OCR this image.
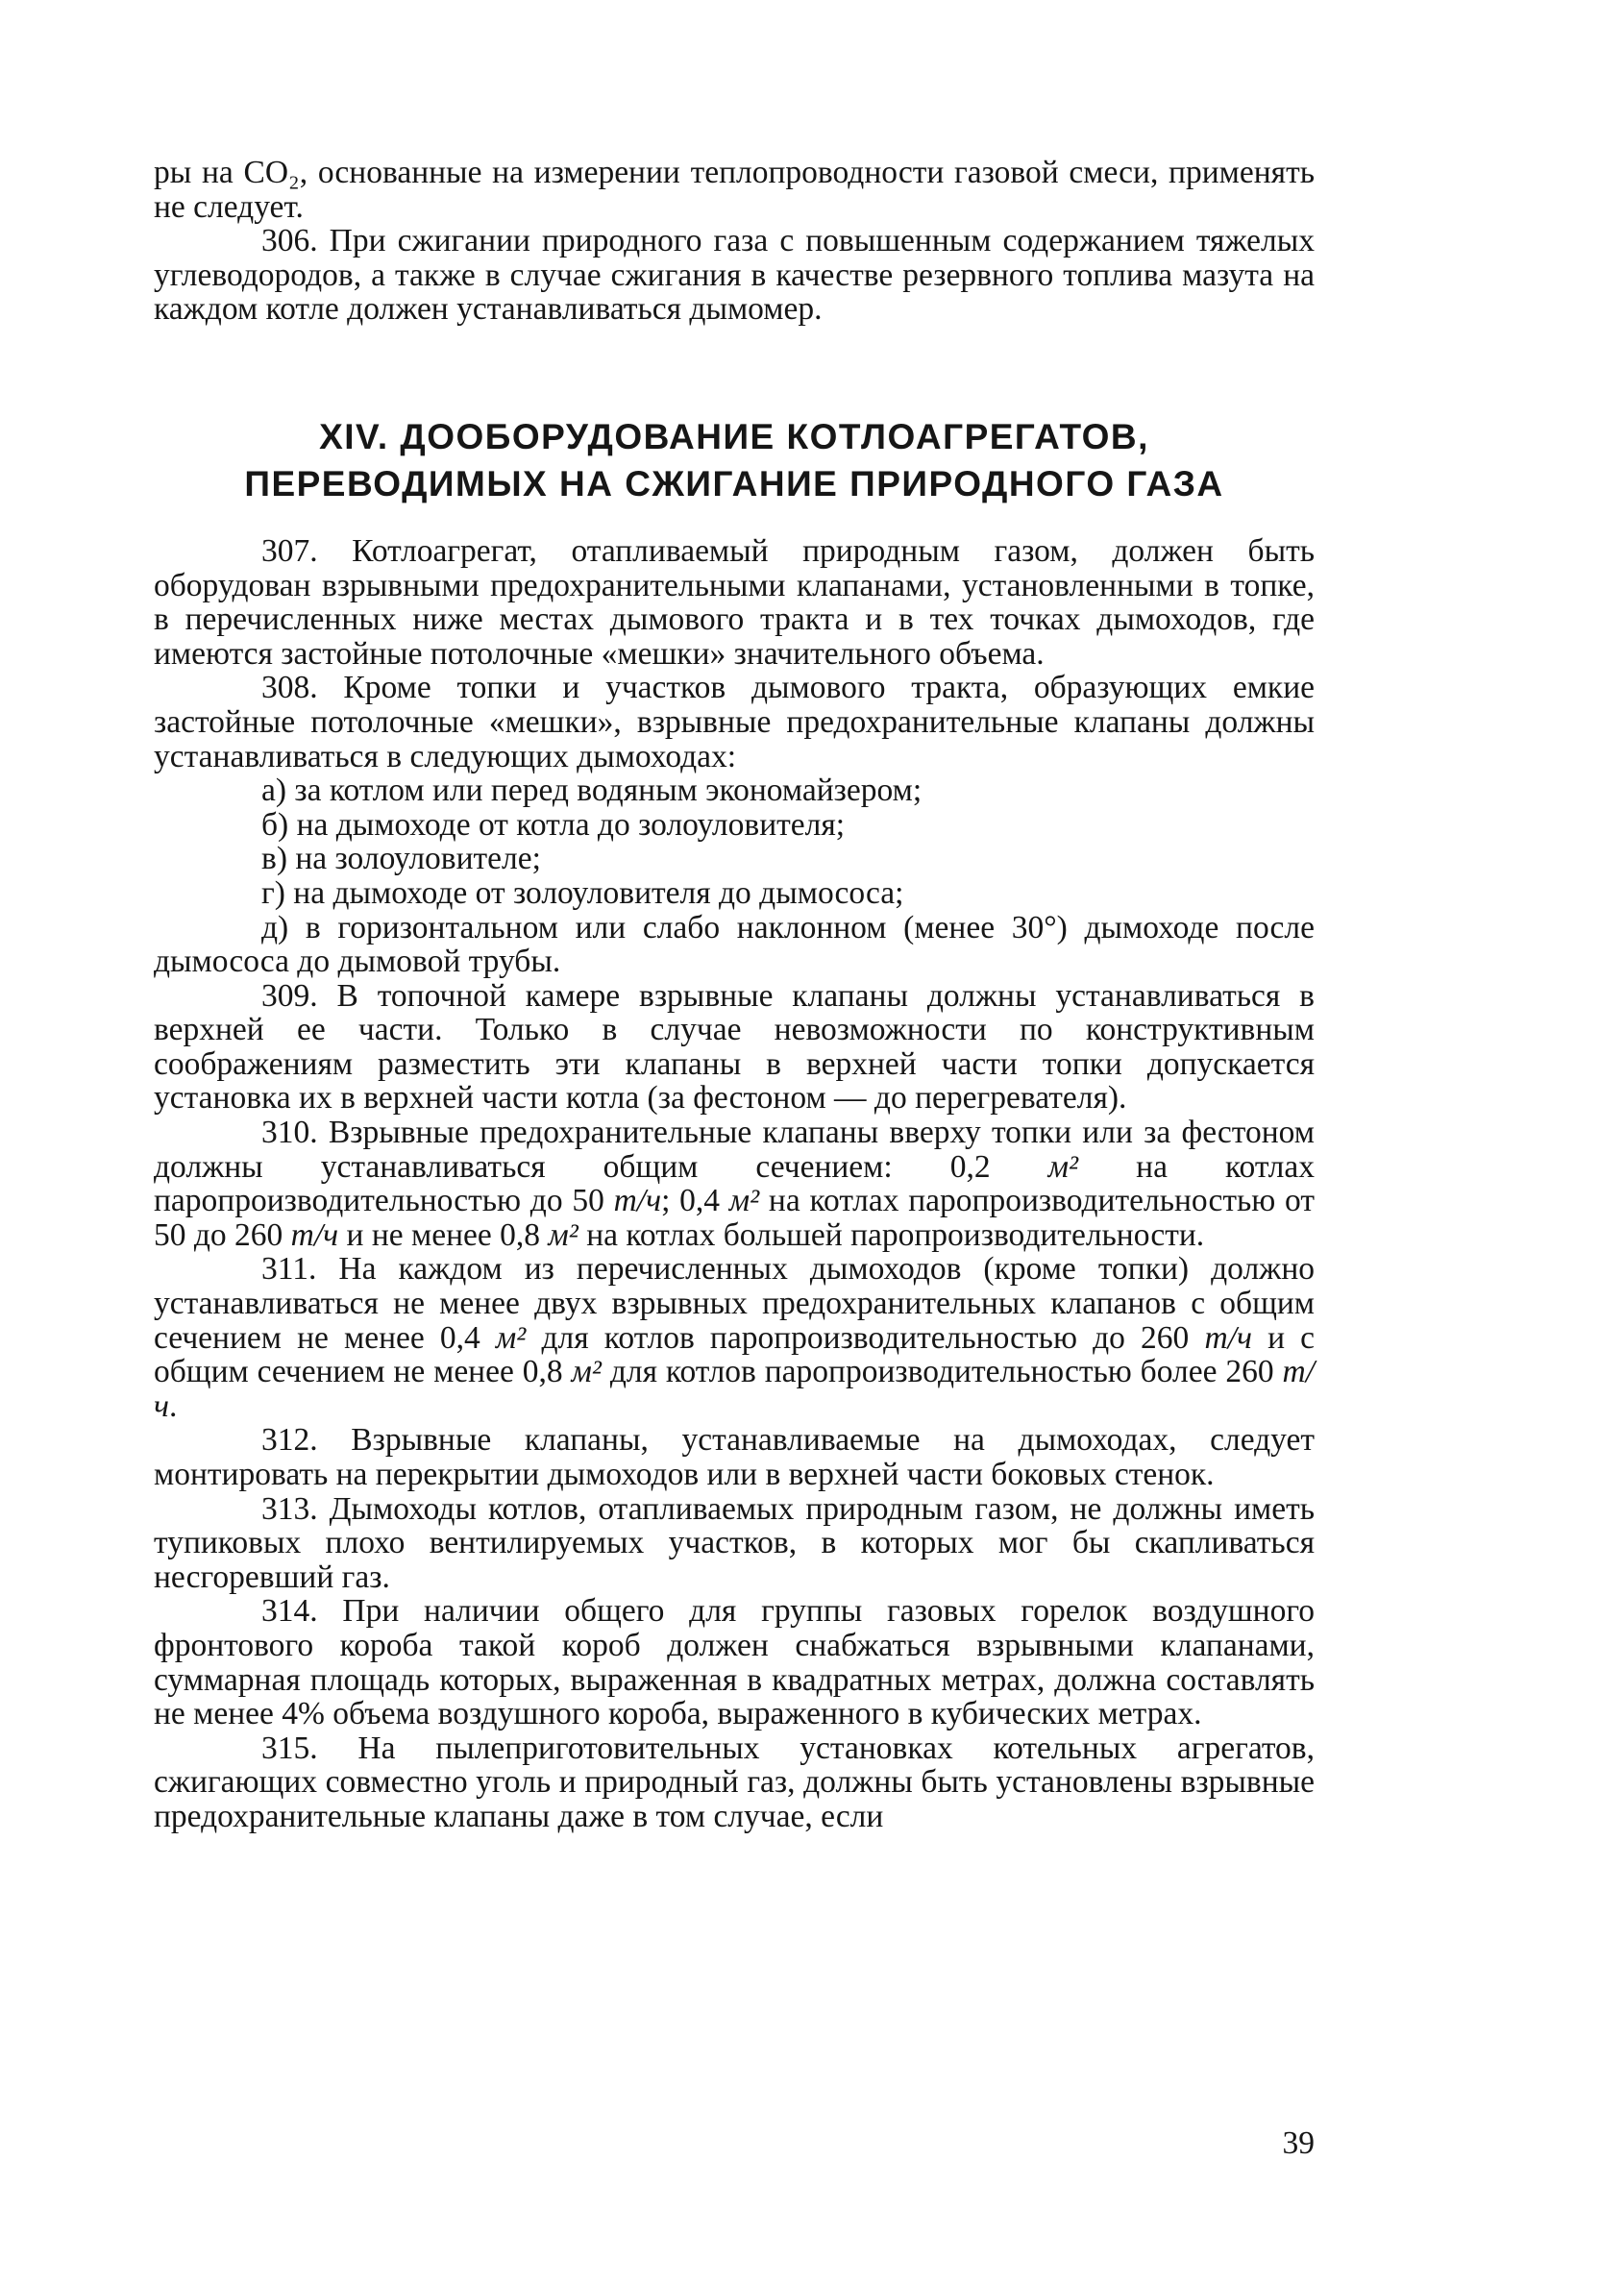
ры на CO₂, основанные на измерении теплопроводности газовой смеси, применять не следует.

306. При сжигании природного газа с повышенным содержанием тяжелых углеводородов, а также в случае сжигания в качестве резервного топлива мазута на каждом котле должен устанавливаться дымомер.

XIV. ДООБОРУДОВАНИЕ КОТЛОАГРЕГАТОВ,
ПЕРЕВОДИМЫХ НА СЖИГАНИЕ ПРИРОДНОГО ГАЗА

307. Котлоагрегат, отапливаемый природным газом, должен быть оборудован взрывными предохранительными клапанами, установленными в топке, в перечисленных ниже местах дымового тракта и в тех точках дымоходов, где имеются застойные потолочные «мешки» значительного объема.

308. Кроме топки и участков дымового тракта, образующих емкие застойные потолочные «мешки», взрывные предохранительные клапаны должны устанавливаться в следующих дымоходах:

а) за котлом или перед водяным экономайзером;

б) на дымоходе от котла до золоуловителя;

в) на золоуловителе;

г) на дымоходе от золоуловителя до дымососа;

д) в горизонтальном или слабо наклонном (менее 30°) дымоходе после дымососа до дымовой трубы.

309. В топочной камере взрывные клапаны должны устанавливаться в верхней ее части. Только в случае невозможности по конструктивным соображениям разместить эти клапаны в верхней части топки допускается установка их в верхней части котла (за фестоном — до перегревателя).

310. Взрывные предохранительные клапаны вверху топки или за фестоном должны устанавливаться общим сечением: 0,2 м² на котлах паропроизводительностью до 50 т/ч; 0,4 м² на котлах паропроизводительностью от 50 до 260 т/ч и не менее 0,8 м² на котлах большей паропроизводительности.

311. На каждом из перечисленных дымоходов (кроме топки) должно устанавливаться не менее двух взрывных предохранительных клапанов с общим сечением не менее 0,4 м² для котлов паропроизводительностью до 260 т/ч и с общим сечением не менее 0,8 м² для котлов паропроизводительностью более 260 т/ч.

312. Взрывные клапаны, устанавливаемые на дымоходах, следует монтировать на перекрытии дымоходов или в верхней части боковых стенок.

313. Дымоходы котлов, отапливаемых природным газом, не должны иметь тупиковых плохо вентилируемых участков, в которых мог бы скапливаться несгоревший газ.

314. При наличии общего для группы газовых горелок воздушного фронтового короба такой короб должен снабжаться взрывными клапанами, суммарная площадь которых, выраженная в квадратных метрах, должна составлять не менее 4% объема воздушного короба, выраженного в кубических метрах.

315. На пылеприготовительных установках котельных агрегатов, сжигающих совместно уголь и природный газ, должны быть установлены взрывные предохранительные клапаны даже в том случае, если

39
